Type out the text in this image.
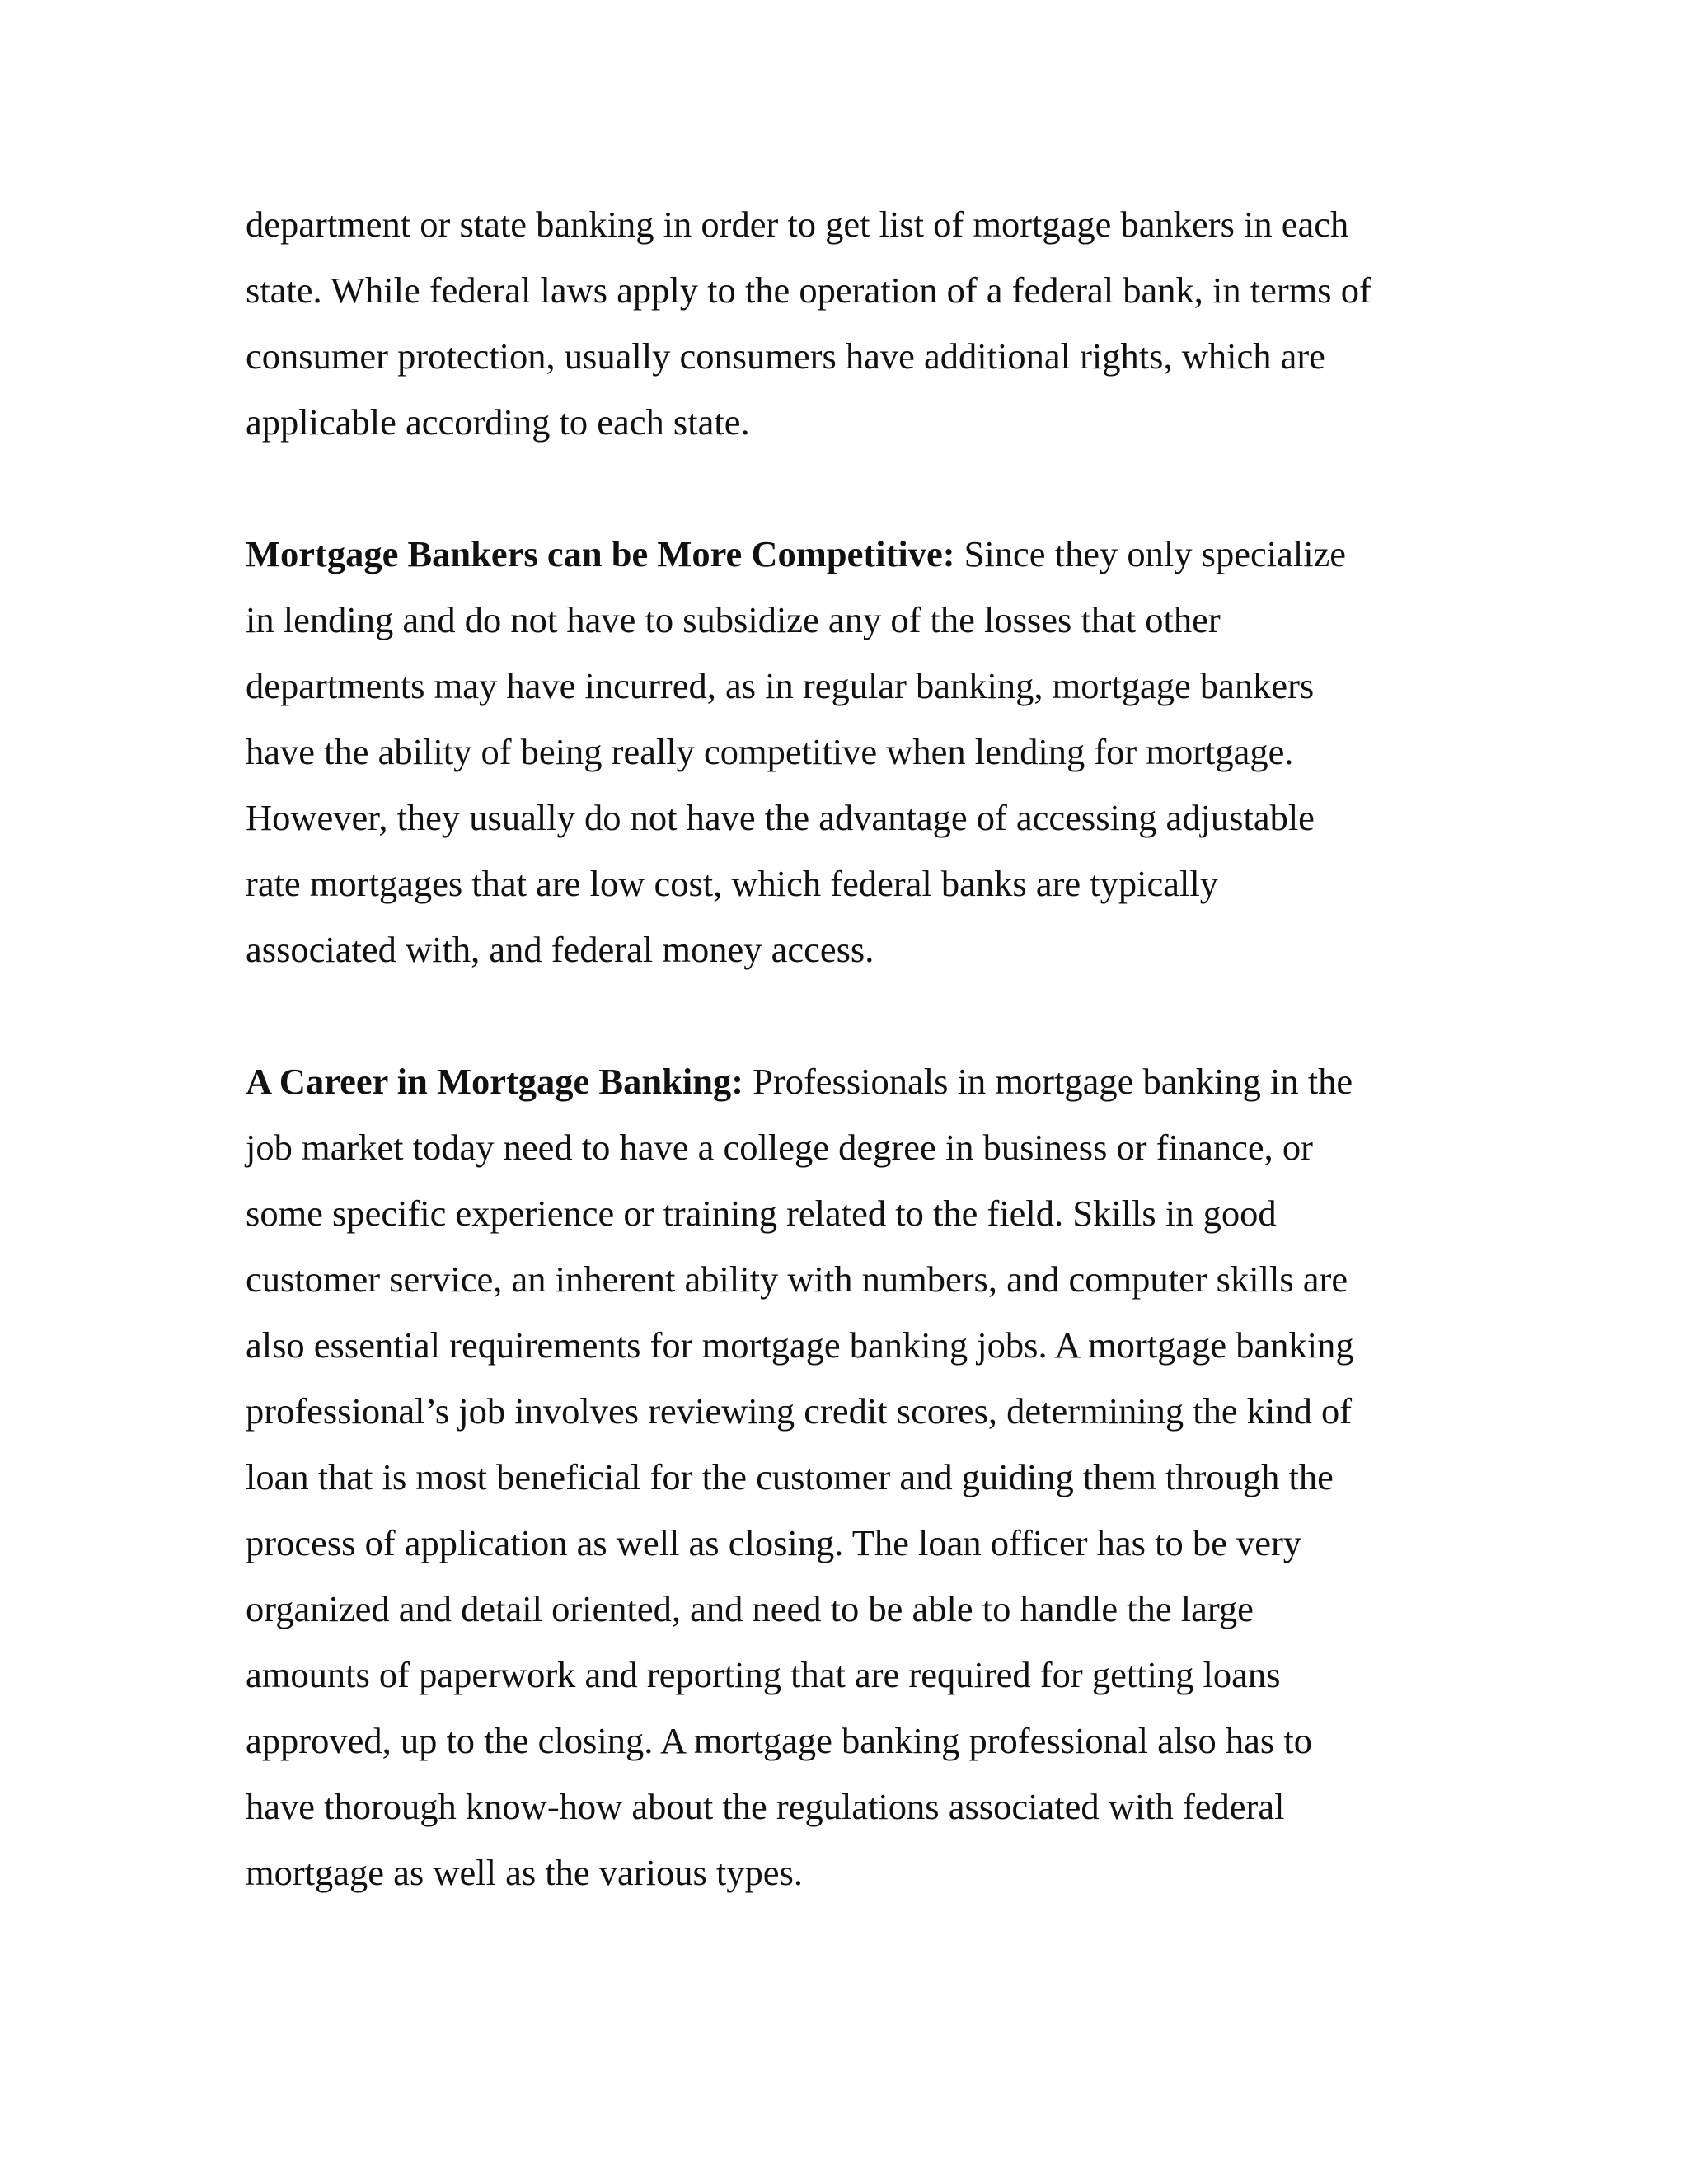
department or state banking in order to get list of mortgage bankers in each
state. While federal laws apply to the operation of a federal bank, in terms of
consumer protection, usually consumers have additional rights, which are
applicable according to each state.

Mortgage Bankers can be More Competitive: Since they only specialize
in lending and do not have to subsidize any of the losses that other
departments may have incurred, as in regular banking, mortgage bankers
have the ability of being really competitive when lending for mortgage.
However, they usually do not have the advantage of accessing adjustable
rate mortgages that are low cost, which federal banks are typically
associated with, and federal money access.

A Career in Mortgage Banking: Professionals in mortgage banking in the
job market today need to have a college degree in business or finance, or
some specific experience or training related to the field. Skills in good
customer service, an inherent ability with numbers, and computer skills are
also essential requirements for mortgage banking jobs. A mortgage banking
professional’s job involves reviewing credit scores, determining the kind of
loan that is most beneficial for the customer and guiding them through the
process of application as well as closing. The loan officer has to be very
organized and detail oriented, and need to be able to handle the large
amounts of paperwork and reporting that are required for getting loans
approved, up to the closing. A mortgage banking professional also has to
have thorough know-how about the regulations associated with federal
mortgage as well as the various types.
